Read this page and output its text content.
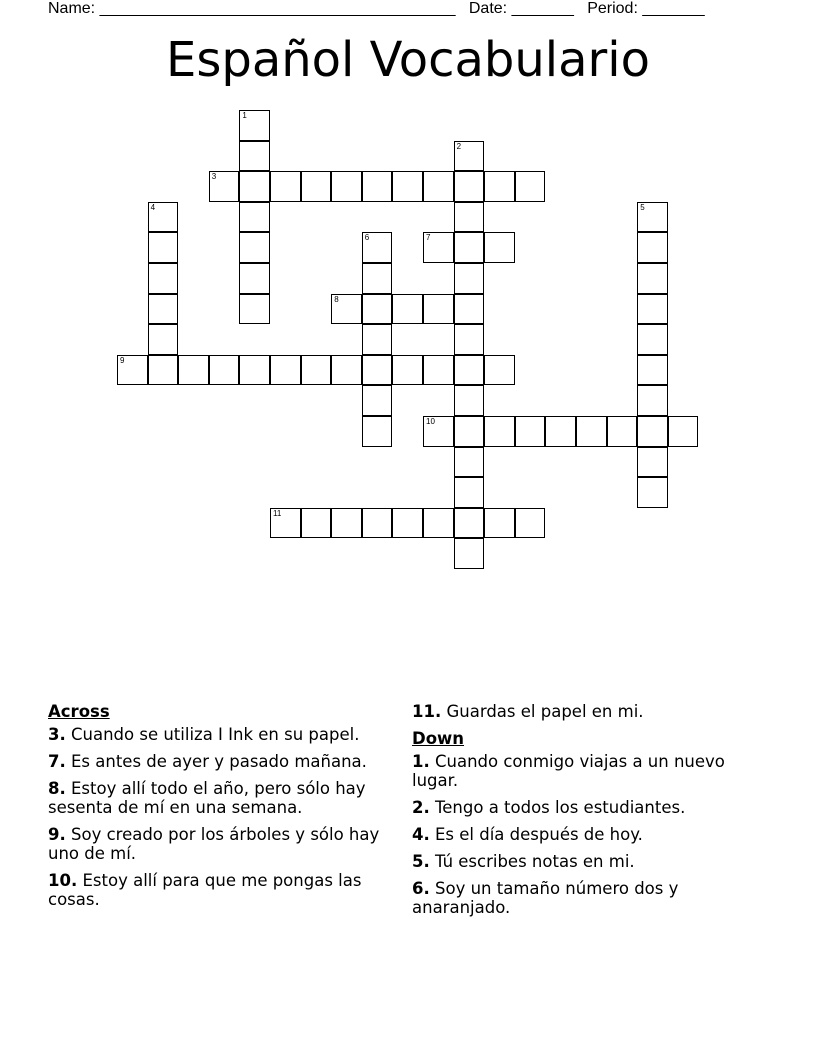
Name: ________________________________________ Date: _______ Period: _______
Español Vocabulario
1
2
3
4	5
6	7
8
9
10
11
Across
3. Cuando se utiliza I Ink en su papel.
7. Es antes de ayer y pasado mañana.
8. Estoy allí todo el año, pero sólo hay sesenta de mí en una semana.
9. Soy creado por los árboles y sólo hay uno de mí.
10. Estoy allí para que me pongas las cosas.
11. Guardas el papel en mi.
Down
1. Cuando conmigo viajas a un nuevo lugar.
2. Tengo a todos los estudiantes.
4. Es el día después de hoy.
5. Tú escribes notas en mi.
6. Soy un tamaño número dos y anaranjado.
